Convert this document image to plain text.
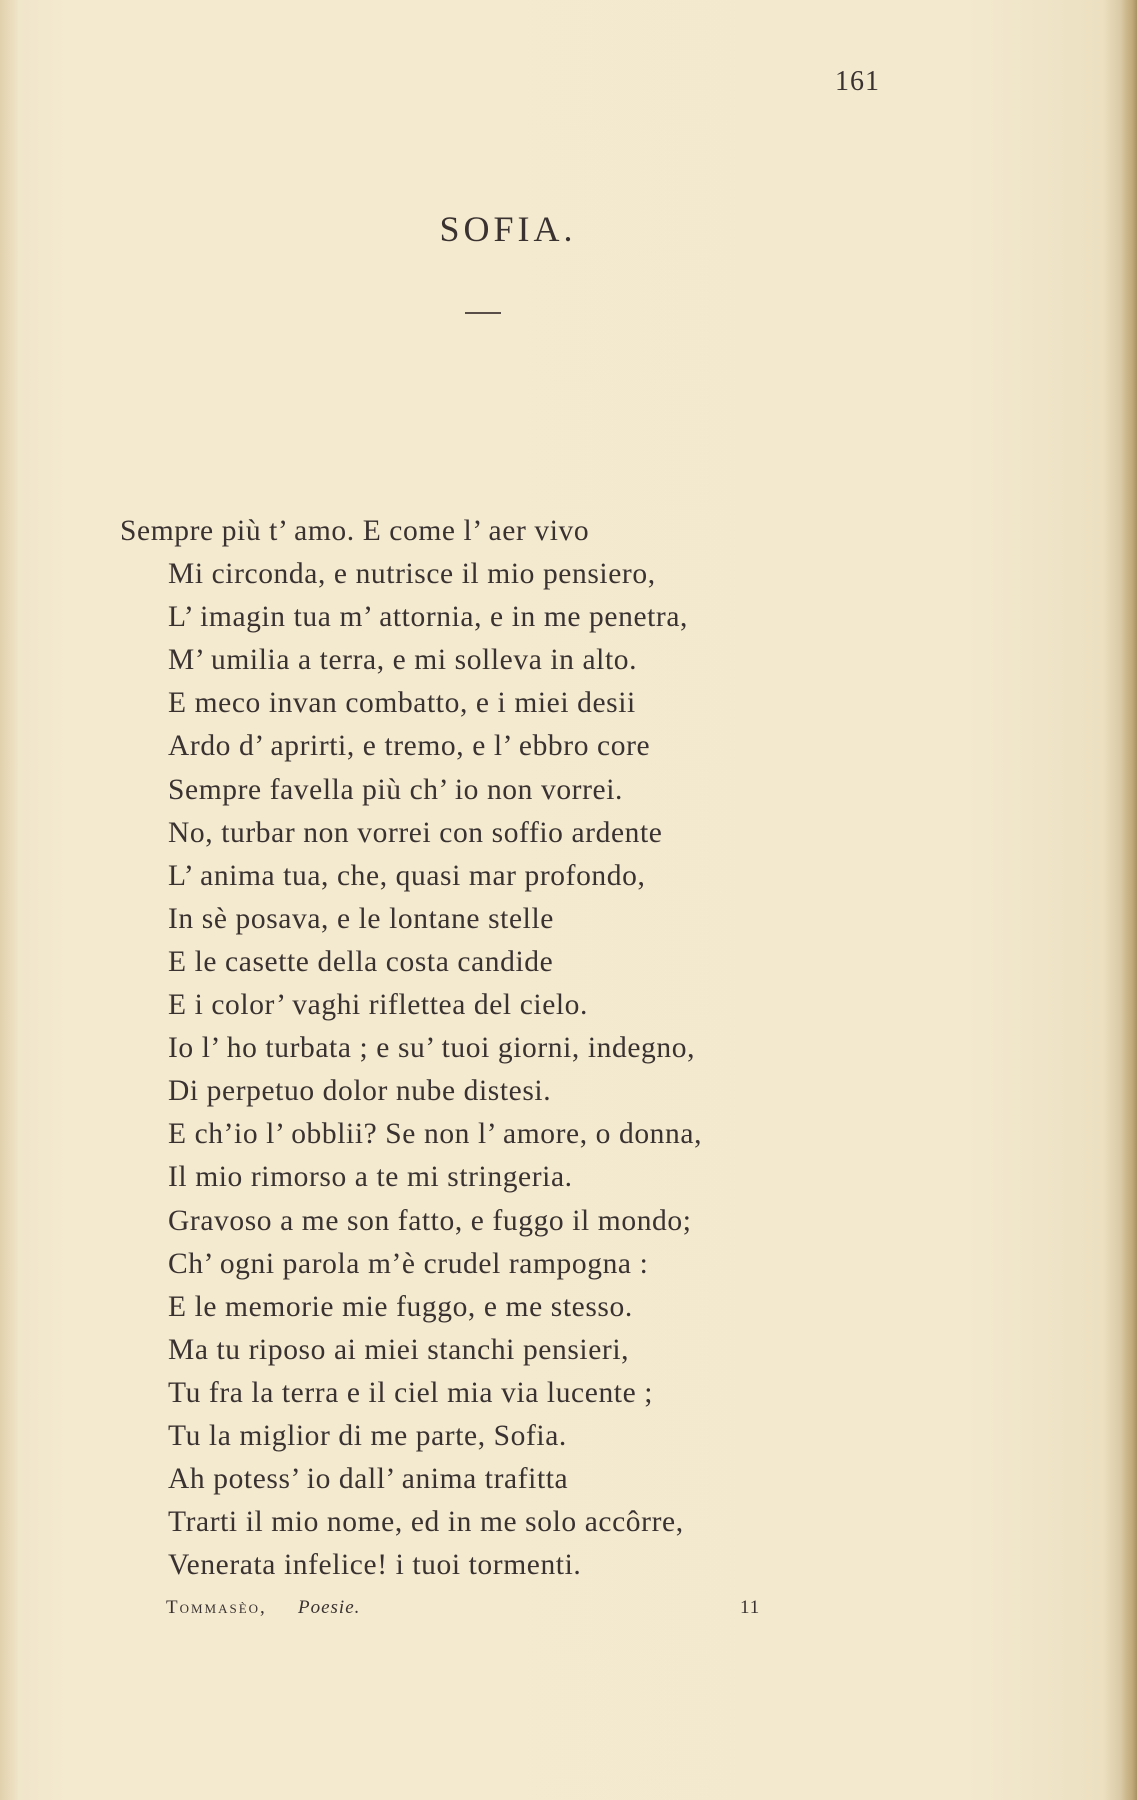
161
SOFIA.
Sempre più t’ amo. E come l’ aer vivo
Mi circonda, e nutrisce il mio pensiero,
L’ imagin tua m’ attornia, e in me penetra,
M’ umilia a terra, e mi solleva in alto.
E meco invan combatto, e i miei desii
Ardo d’ aprirti, e tremo, e l’ ebbro core
Sempre favella più ch’ io non vorrei.
No, turbar non vorrei con soffio ardente
L’ anima tua, che, quasi mar profondo,
In sè posava, e le lontane stelle
E le casette della costa candide
E i color’ vaghi riflettea del cielo.
Io l’ ho turbata ; e su’ tuoi giorni, indegno,
Di perpetuo dolor nube distesi.
E ch’io l’ obblii? Se non l’ amore, o donna,
Il mio rimorso a te mi stringeria.
Gravoso a me son fatto, e fuggo il mondo;
Ch’ ogni parola m’è crudel rampogna :
E le memorie mie fuggo, e me stesso.
Ma tu riposo ai miei stanchi pensieri,
Tu fra la terra e il ciel mia via lucente ;
Tu la miglior di me parte, Sofia.
Ah potess’ io dall’ anima trafitta
Trarti il mio nome, ed in me solo accôrre,
Venerata infelice! i tuoi tormenti.
Tommasèo, Poesie.	11
